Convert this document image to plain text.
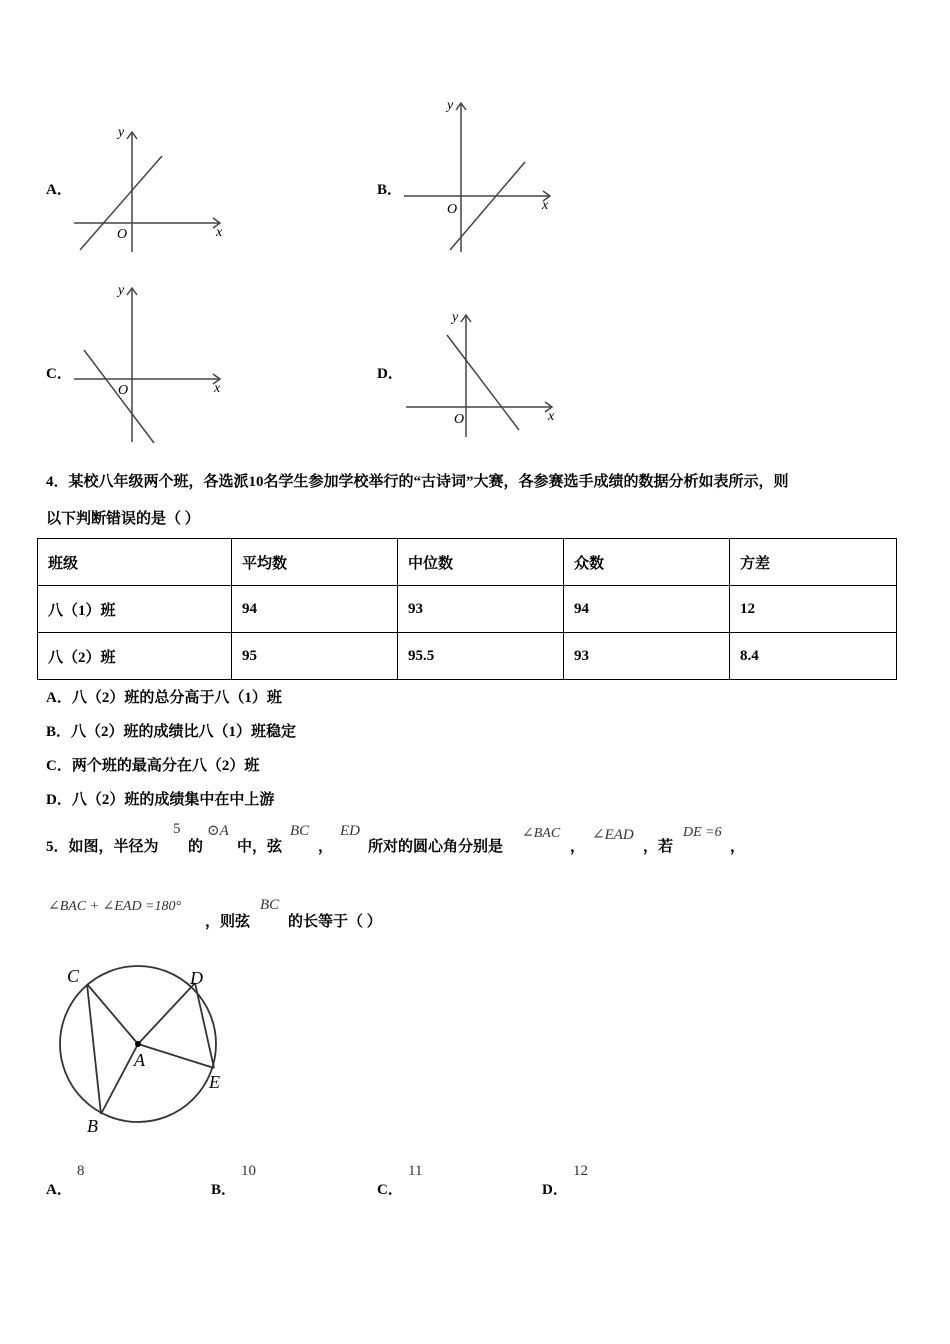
A．
x
y
O
B．
x
y
O
C．
x
y
O
D．
x
y
O
4．某校八年级两个班，各选派10名学生参加学校举行的“古诗词”大赛，各参赛选手成绩的数据分析如表所示，则
以下判断错误的是（ ）
班级	平均数	中位数	众数	方差
八（1）班	94	93	94	12
八（2）班	95	95.5	93	8.4
A．八（2）班的总分高于八（1）班
B．八（2）班的成绩比八（1）班稳定
C．两个班的最高分在八（2）班
D．八（2）班的成绩集中在中上游
5．如图，半径为
5
的
⊙A
中，弦
BC
，
ED
所对的圆心角分别是
∠BAC
，
∠EAD
，若
DE =6
，
∠BAC + ∠EAD =180°
，则弦
BC
的长等于（ ）
C	D
A
E
B
A．
8
B．
10
C．
11
D．
12
